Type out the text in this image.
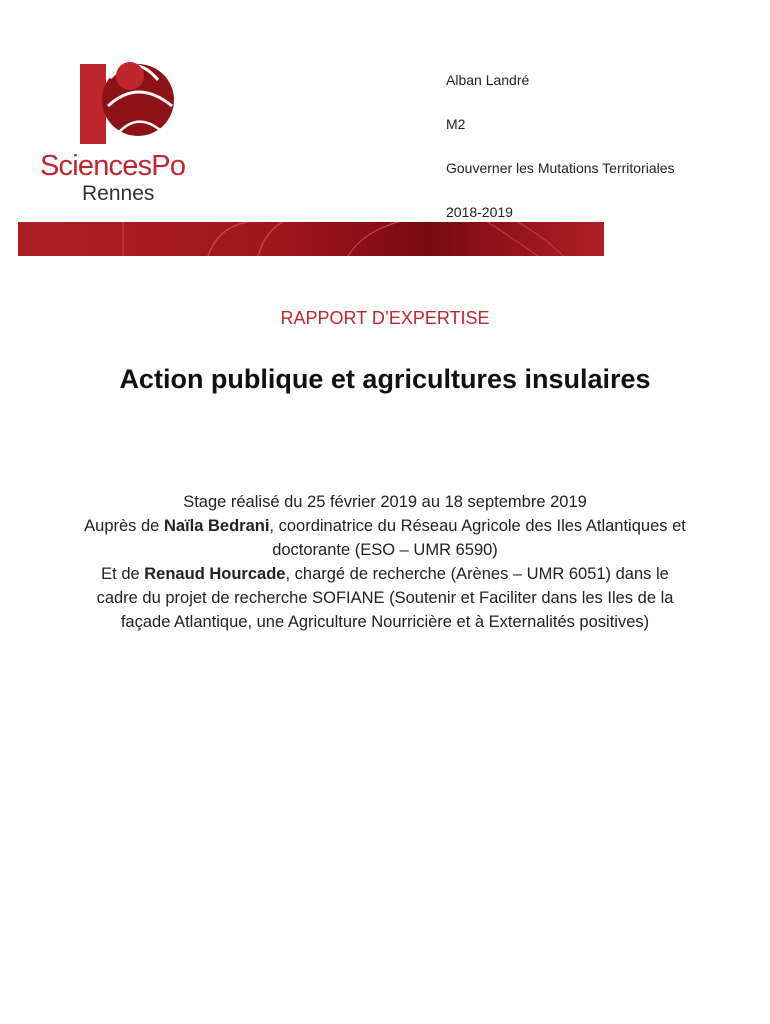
SciencesPo
Rennes
Alban Landré
M2
Gouverner les Mutations Territoriales
2018-2019
RAPPORT D’EXPERTISE
Action publique et agricultures insulaires

Stage réalisé du 25 février 2019 au 18 septembre 2019

Auprès de Naïla Bedrani, coordinatrice du Réseau Agricole des Iles Atlantiques et doctorante (ESO – UMR 6590)

Et de Renaud Hourcade, chargé de recherche (Arènes – UMR 6051) dans le cadre du projet de recherche SOFIANE (Soutenir et Faciliter dans les Iles de la façade Atlantique, une Agriculture Nourricière et à Externalités positives)
